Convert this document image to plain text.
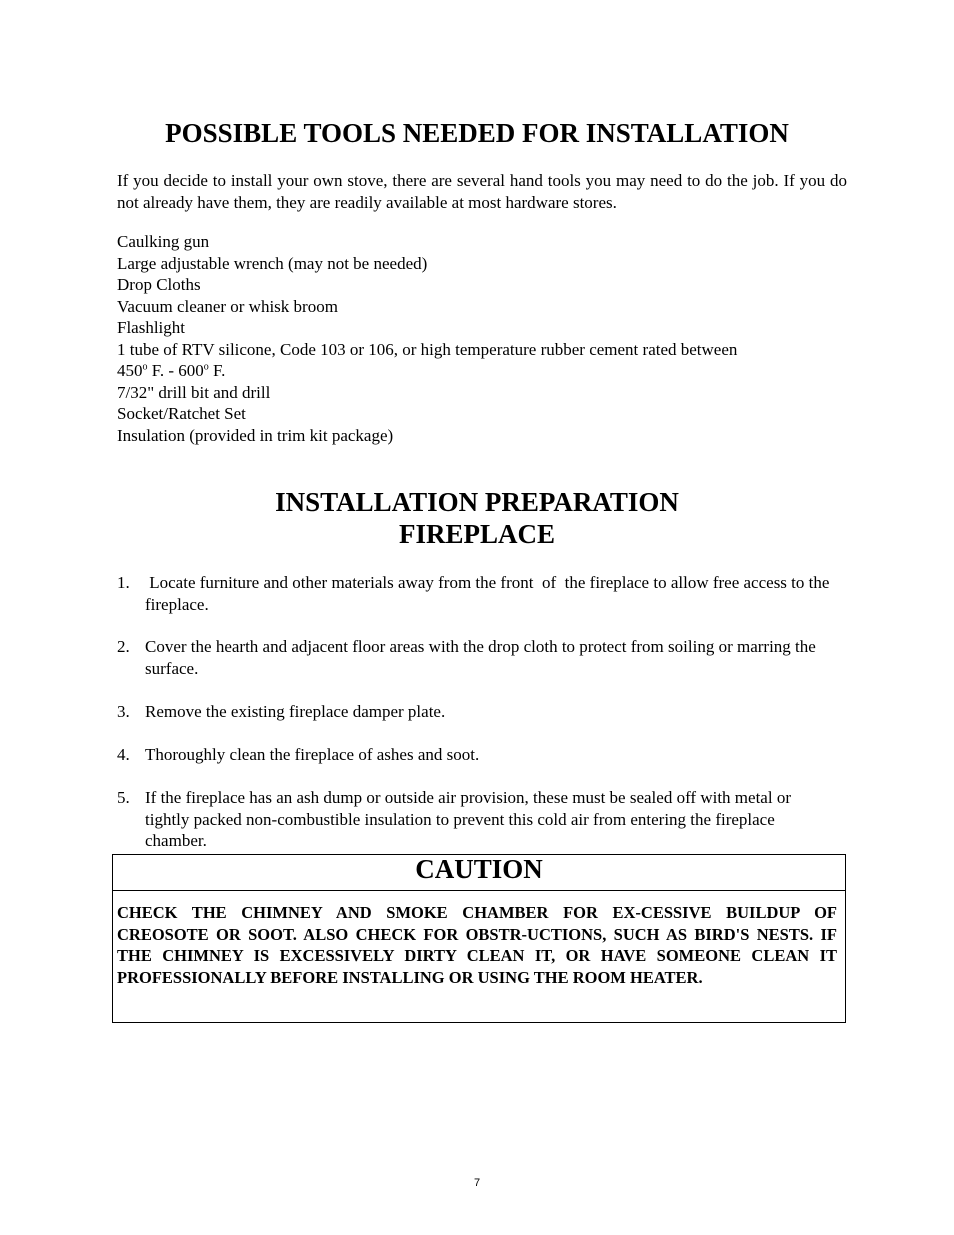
POSSIBLE TOOLS NEEDED FOR INSTALLATION

If you decide to install your own stove, there are several hand tools you may need to do the job. If you do not already have them, they are readily available at most hardware stores.

Caulking gun
Large adjustable wrench (may not be needed)
Drop Cloths
Vacuum cleaner or whisk broom
Flashlight
1 tube of RTV silicone, Code 103 or 106, or high temperature rubber cement rated between
450$^o$ F. - 600$^o$ F.
7/32" drill bit and drill
Socket/Ratchet Set
Insulation (provided in trim kit package)
INSTALLATION PREPARATION
FIREPLACE
1. Locate furniture and other materials away from the front  of  the fireplace to allow free access to the fireplace.
2. Cover the hearth and adjacent floor areas with the drop cloth to protect from soiling or marring the surface.
3. Remove the existing fireplace damper plate.
4. Thoroughly clean the fireplace of ashes and soot.
5. If the fireplace has an ash dump or outside air provision, these must be sealed off with metal or tightly packed non-combustible insulation to prevent this cold air from entering the fireplace chamber.
CAUTION

CHECK THE CHIMNEY AND SMOKE CHAMBER FOR EX-CESSIVE BUILDUP OF CREOSOTE OR SOOT. ALSO CHECK FOR OBSTR-UCTIONS, SUCH AS BIRD'S NESTS. IF THE CHIMNEY IS EXCESSIVELY DIRTY CLEAN IT, OR HAVE SOMEONE CLEAN IT PROFESSIONALLY BEFORE INSTALLING OR USING THE ROOM HEATER.

7
